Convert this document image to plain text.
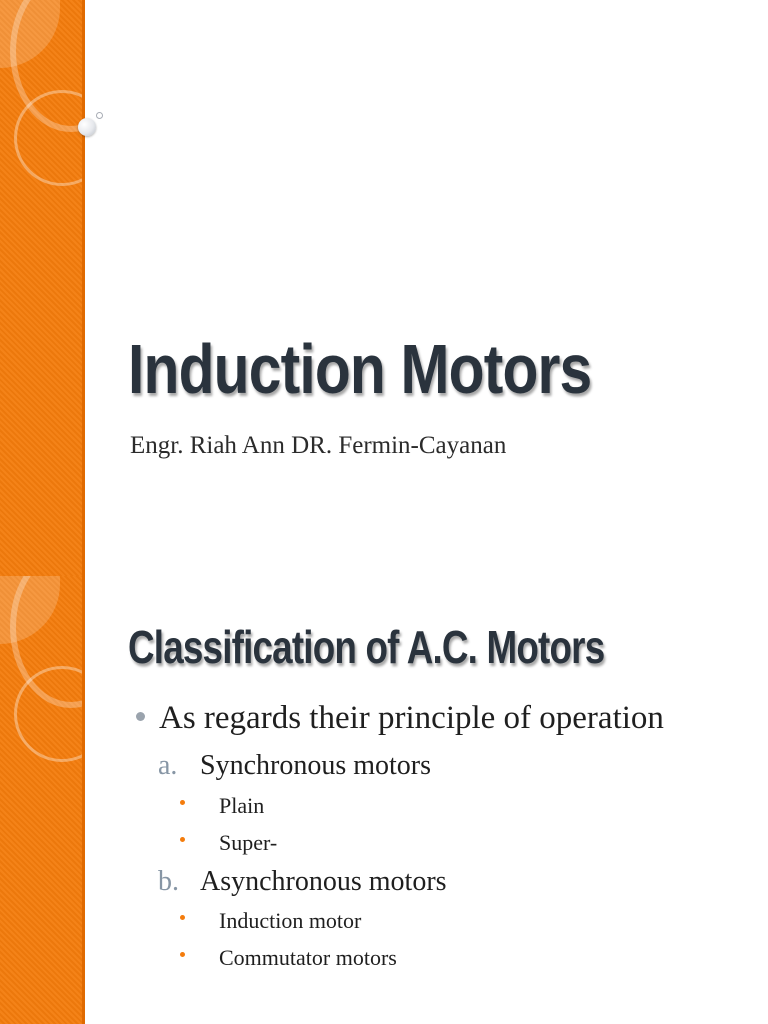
Induction Motors
Engr. Riah Ann DR. Fermin-Cayanan
Classification of A.C. Motors
As regards their principle of operation
a. Synchronous motors
Plain
Super-
b. Asynchronous motors
Induction motor
Commutator motors
